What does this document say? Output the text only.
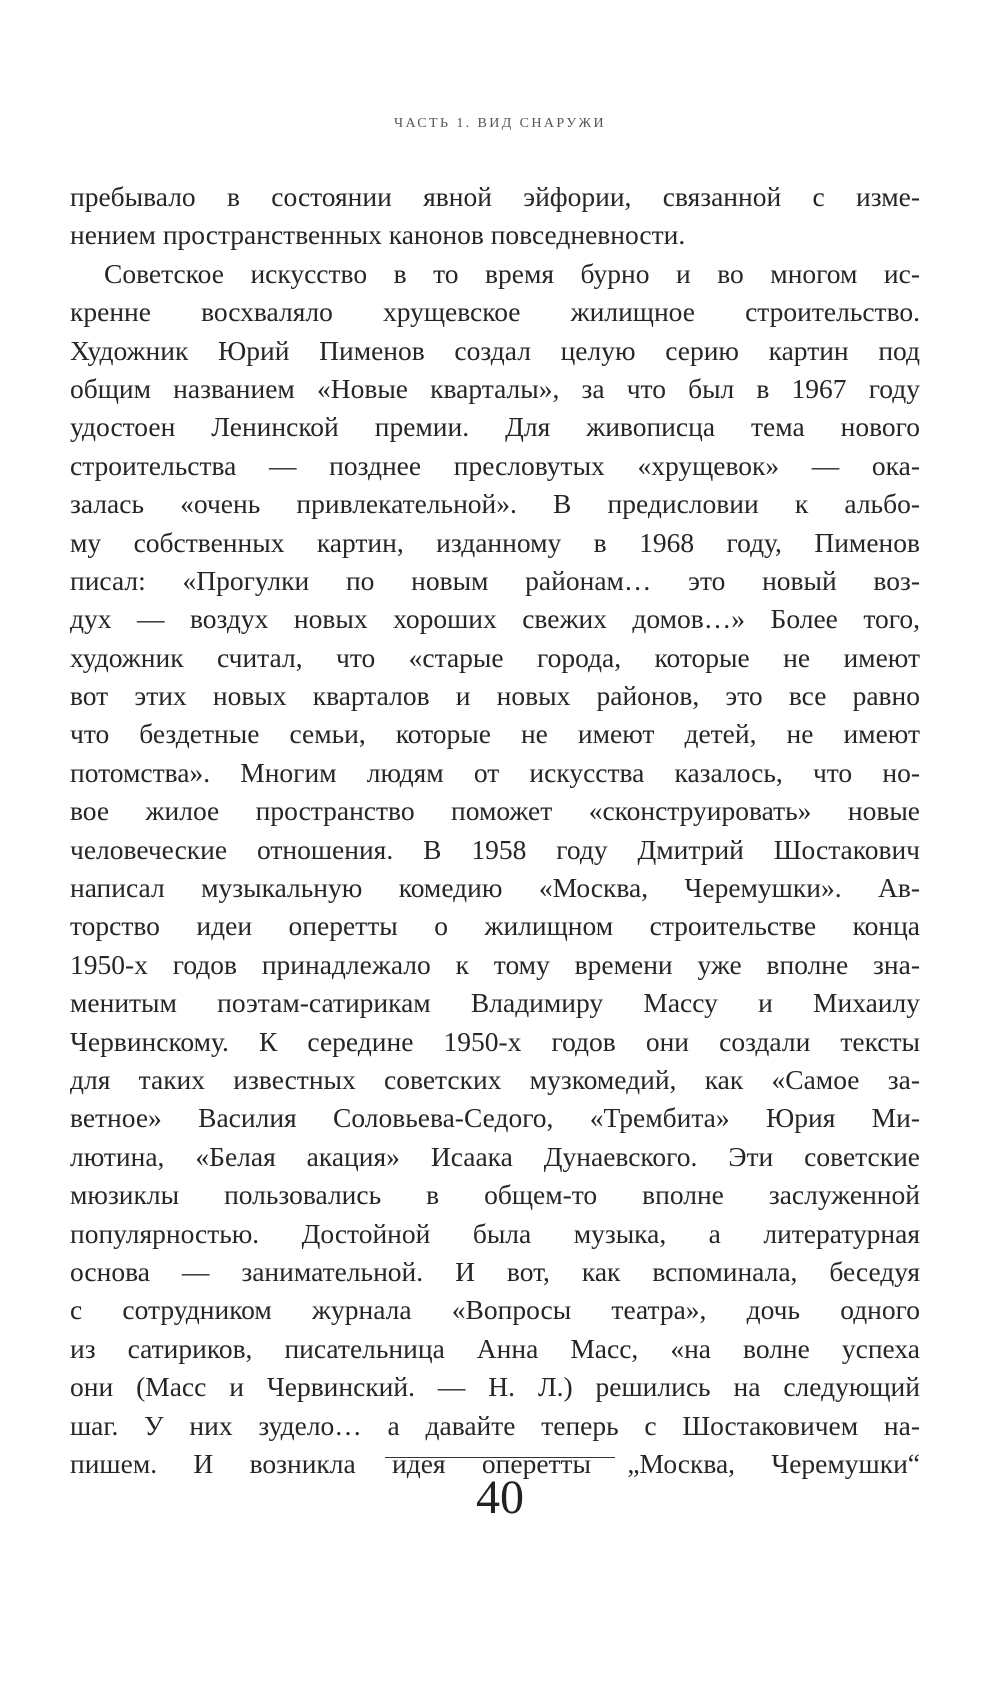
ЧАСТЬ 1. ВИД СНАРУЖИ
пребывало в состоянии явной эйфории, связанной с изме-
нением пространственных канонов повседневности.
Советское искусство в то время бурно и во многом ис-
кренне восхваляло хрущевское жилищное строительство.
Художник Юрий Пименов создал целую серию картин под
общим названием «Новые кварталы», за что был в 1967 году
удостоен Ленинской премии. Для живописца тема нового
строительства — позднее пресловутых «хрущевок» — ока-
залась «очень привлекательной». В предисловии к альбо-
му собственных картин, изданному в 1968 году, Пименов
писал: «Прогулки по новым районам… это новый воз-
дух — воздух новых хороших свежих домов…» Более того,
художник считал, что «старые города, которые не имеют
вот этих новых кварталов и новых районов, это все равно
что бездетные семьи, которые не имеют детей, не имеют
потомства». Многим людям от искусства казалось, что но-
вое жилое пространство поможет «сконструировать» новые
человеческие отношения. В 1958 году Дмитрий Шостакович
написал музыкальную комедию «Москва, Черемушки». Ав-
торство идеи оперетты о жилищном строительстве конца
1950-х годов принадлежало к тому времени уже вполне зна-
менитым поэтам-сатирикам Владимиру Массу и Михаилу
Червинскому. К середине 1950-х годов они создали тексты
для таких известных советских музкомедий, как «Самое за-
ветное» Василия Соловьева-Седого, «Трембита» Юрия Ми-
лютина, «Белая акация» Исаака Дунаевского. Эти советские
мюзиклы пользовались в общем-то вполне заслуженной
популярностью. Достойной была музыка, а литературная
основа — занимательной. И вот, как вспоминала, беседуя
с сотрудником журнала «Вопросы театра», дочь одного
из сатириков, писательница Анна Масс, «на волне успеха
они (Масс и Червинский. — Н. Л.) решились на следующий
шаг. У них зудело… а давайте теперь с Шостаковичем на-
пишем. И возникла идея оперетты „Москва, Черемушки“
40
